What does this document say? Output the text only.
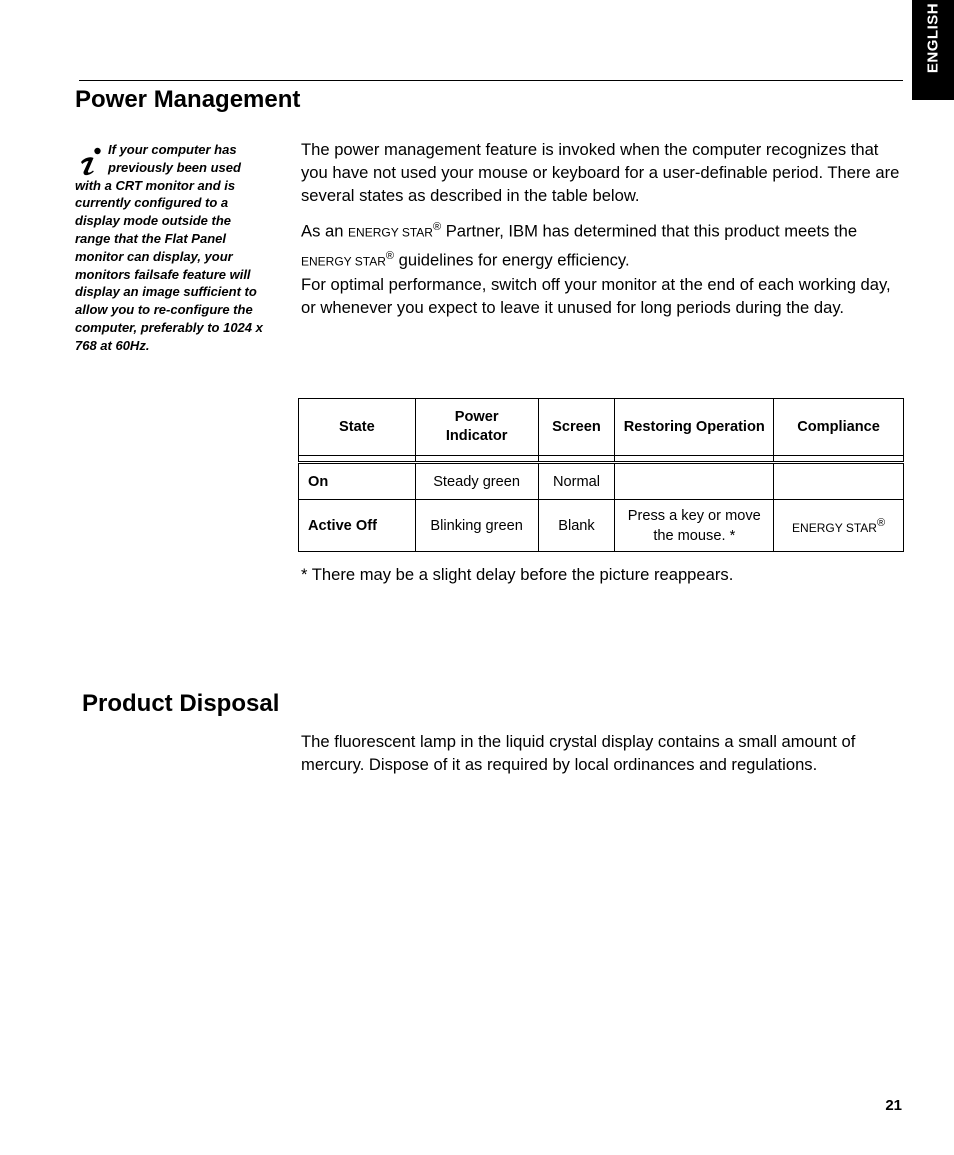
ENGLISH
Power Management
If your computer has previously been used with a CRT monitor and is currently configured to a display mode outside the range that the Flat Panel monitor can display, your monitors failsafe feature will display an image sufficient to allow you to re-configure the computer, preferably to 1024 x 768 at 60Hz.

The power management feature is invoked when the computer recognizes that you have not used your mouse or keyboard for a user-definable period. There are several states as described in the table below.

As an ENERGY STAR® Partner, IBM has determined that this product meets the ENERGY STAR® guidelines for energy efficiency.

For optimal performance, switch off your monitor at the end of each working day, or whenever you expect to leave it unused for long periods during the day.

State	Power Indicator	Screen	Restoring Operation	Compliance

On	Steady green	Normal		
Active Off	Blinking green	Blank	Press a key or move the mouse. *	ENERGY STAR®

* There may be a slight delay before the picture reappears.

Product Disposal

The fluorescent lamp in the liquid crystal display contains a small amount of mercury. Dispose of it as required by local ordinances and regulations.

21
